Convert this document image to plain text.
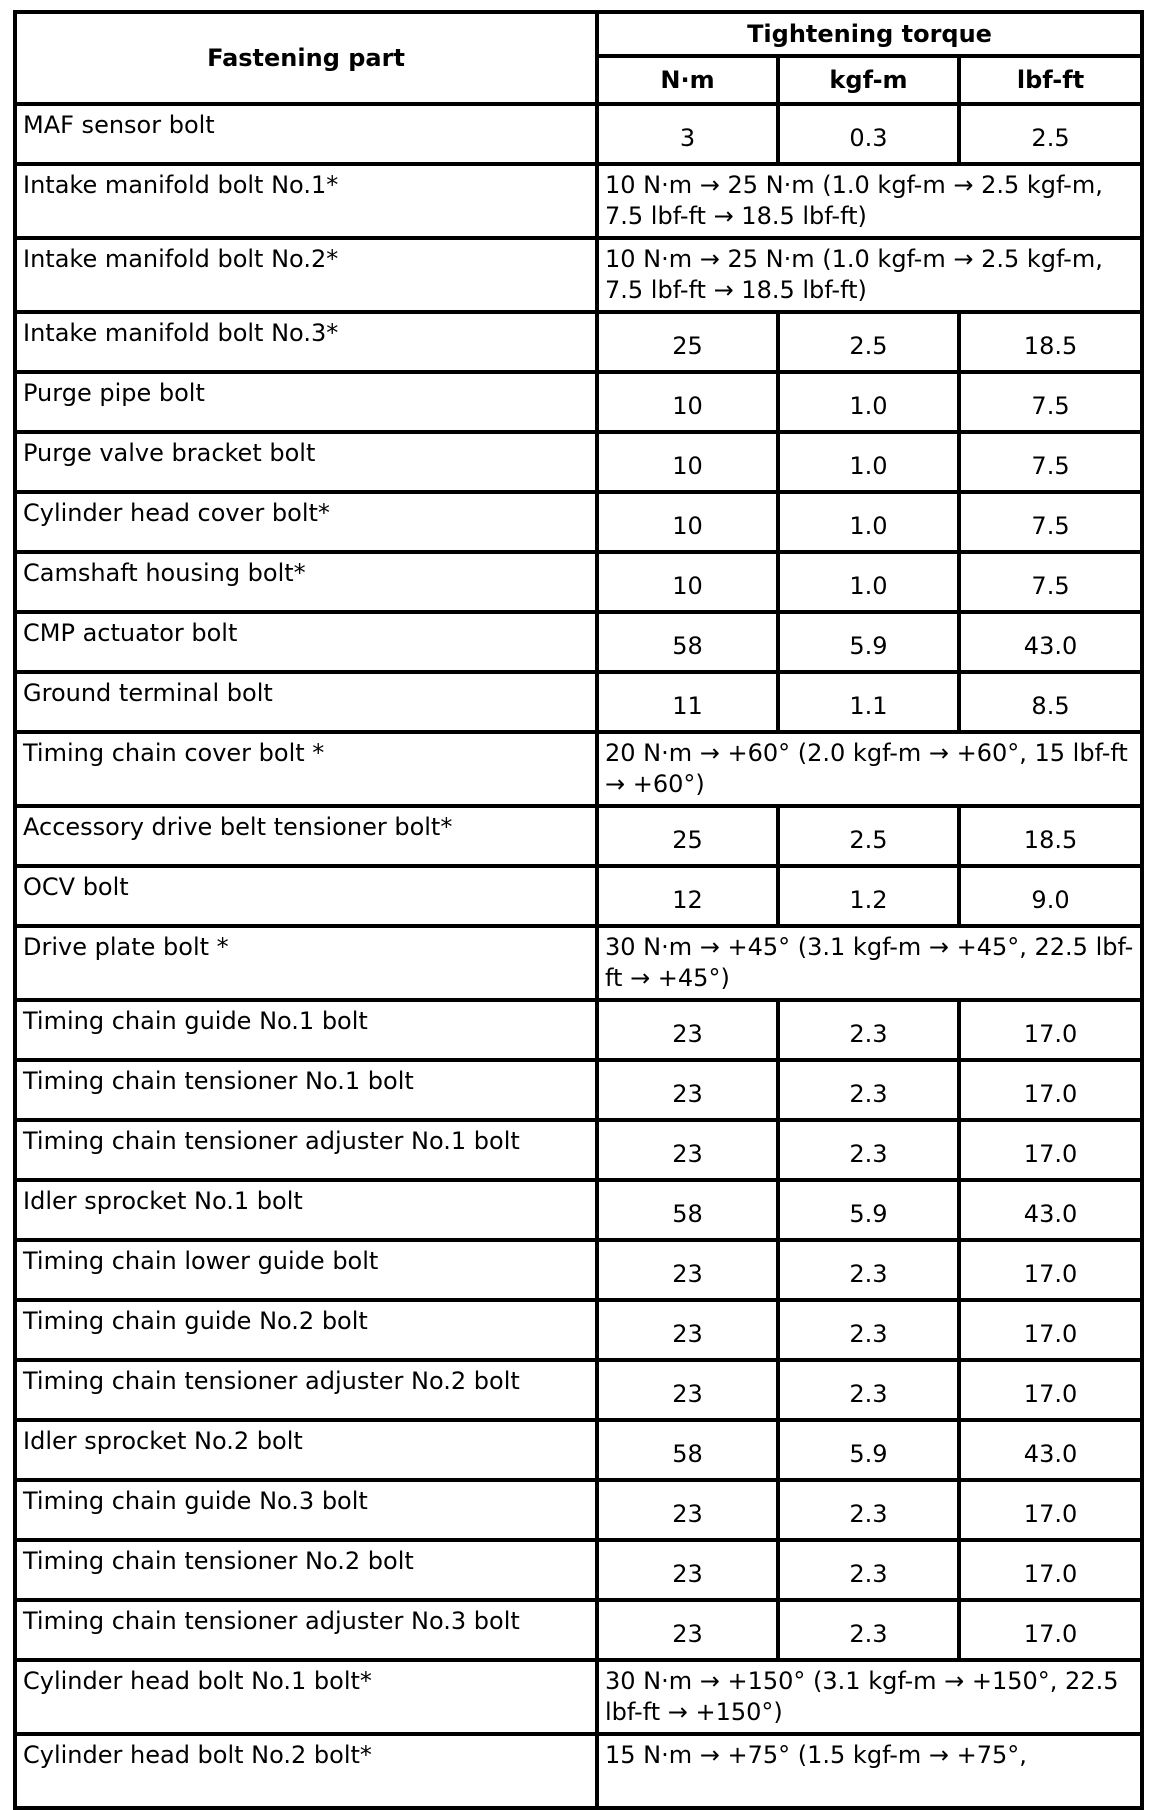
Fastening part	Tightening torque		
	N·m	kgf-m	lbf-ft
MAF sensor bolt	3	0.3	2.5
Intake manifold bolt No.1*	10 N·m → 25 N·m (1.0 kgf-m → 2.5 kgf-m, 7.5 lbf-ft → 18.5 lbf-ft)		
Intake manifold bolt No.2*	10 N·m → 25 N·m (1.0 kgf-m → 2.5 kgf-m, 7.5 lbf-ft → 18.5 lbf-ft)		
Intake manifold bolt No.3*	25	2.5	18.5
Purge pipe bolt	10	1.0	7.5
Purge valve bracket bolt	10	1.0	7.5
Cylinder head cover bolt*	10	1.0	7.5
Camshaft housing bolt*	10	1.0	7.5
CMP actuator bolt	58	5.9	43.0
Ground terminal bolt	11	1.1	8.5
Timing chain cover bolt *	20 N·m → +60° (2.0 kgf-m → +60°, 15 lbf-ft → +60°)		
Accessory drive belt tensioner bolt*	25	2.5	18.5
OCV bolt	12	1.2	9.0
Drive plate bolt *	30 N·m → +45° (3.1 kgf-m → +45°, 22.5 lbf-ft → +45°)		
Timing chain guide No.1 bolt	23	2.3	17.0
Timing chain tensioner No.1 bolt	23	2.3	17.0
Timing chain tensioner adjuster No.1 bolt	23	2.3	17.0
Idler sprocket No.1 bolt	58	5.9	43.0
Timing chain lower guide bolt	23	2.3	17.0
Timing chain guide No.2 bolt	23	2.3	17.0
Timing chain tensioner adjuster No.2 bolt	23	2.3	17.0
Idler sprocket No.2 bolt	58	5.9	43.0
Timing chain guide No.3 bolt	23	2.3	17.0
Timing chain tensioner No.2 bolt	23	2.3	17.0
Timing chain tensioner adjuster No.3 bolt	23	2.3	17.0
Cylinder head bolt No.1 bolt*	30 N·m → +150° (3.1 kgf-m → +150°, 22.5 lbf-ft → +150°)		
Cylinder head bolt No.2 bolt*	15 N·m → +75° (1.5 kgf-m → +75°,		
